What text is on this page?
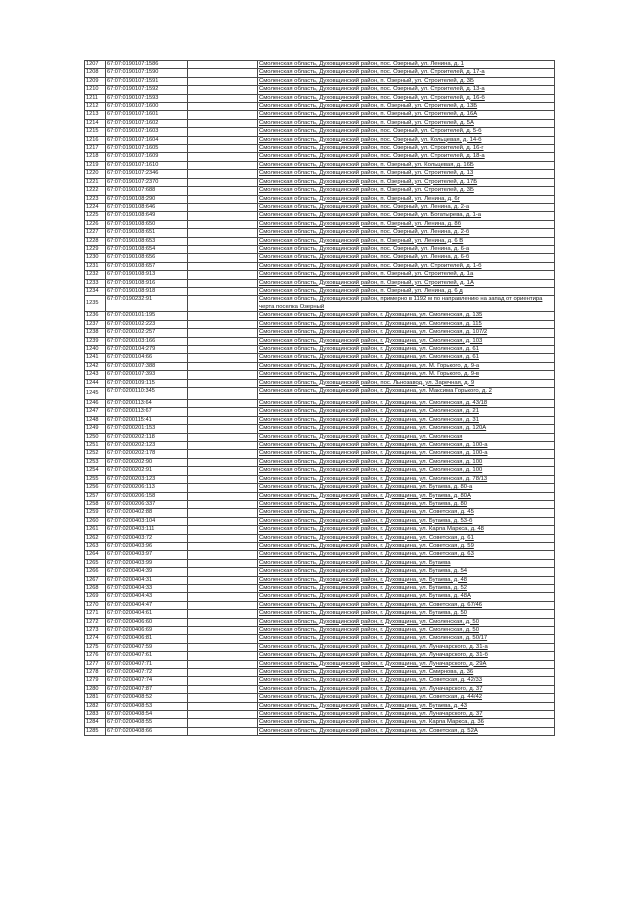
1207	67:07:0190107:1586		Смоленская область, Духовщинский район, пос. Озерный, ул. Ленина, д. 1
1208	67:07:0190107:1590		Смоленская область, Духовщинский район, пос. Озерный, ул. Строителей, д. 17-а
1209	67:07:0190107:1591		Смоленская область, Духовщинский район, п. Озерный, ул. Строителей, д. 3Б
1210	67:07:0190107:1592		Смоленская область, Духовщинский район, пос. Озерный, ул. Строителей, д. 13-а
1211	67:07:0190107:1593		Смоленская область, Духовщинский район, пос. Озерный, ул. Строителей, д. 16-б
1212	67:07:0190107:1600		Смоленская область, Духовщинский район, п. Озерный, ул. Строителей, д. 13Б
1213	67:07:0190107:1601		Смоленская область, Духовщинский район, п. Озерный, ул. Строителей, д. 16А
1214	67:07:0190107:1602		Смоленская область, Духовщинский район, п. Озерный, ул. Строителей, д. 5А
1215	67:07:0190107:1603		Смоленская область, Духовщинский район, пос. Озерный, ул. Строителей, д. 5-б
1216	67:07:0190107:1604		Смоленская область, Духовщинский район, пос. Озерный, ул. Кольцевая, д. 14-б
1217	67:07:0190107:1605		Смоленская область, Духовщинский район, пос. Озерный, ул. Строителей, д. 16-г
1218	67:07:0190107:1609		Смоленская область, Духовщинский район, пос. Озерный, ул. Строителей, д. 18-а
1219	67:07:0190107:1610		Смоленская область, Духовщинский район, п. Озерный, ул. Кольцевая, д. 16Б
1220	67:07:0190107:2346		Смоленская область, Духовщинский район, п. Озерный, ул. Строителей, д. 13
1221	67:07:0190107:2370		Смоленская область, Духовщинский район, п. Озерный, ул. Строителей, д. 17Б
1222	67:07:0190107:688		Смоленская область, Духовщинский район, п. Озерный, ул. Строителей, д. 3Б
1223	67:07:0190108:290		Смоленская область, Духовщинский район, п. Озерный, ул. Ленина, д. 6г
1224	67:07:0190108:646		Смоленская область, Духовщинский район, пос. Озерный, ул. Ленина, д. 2-а
1225	67:07:0190108:649		Смоленская область, Духовщинский район, пос. Озерный, ул. Богатырева, д. 1-а
1226	67:07:0190108:650		Смоленская область, Духовщинский район, п. Озерный, ул. Ленина, д. 8б
1227	67:07:0190108:651		Смоленская область, Духовщинский район, пос. Озерный, ул. Ленина, д. 2-б
1228	67:07:0190108:653		Смоленская область, Духовщинский район, п. Озерный, ул. Ленина, д. 6 В
1229	67:07:0190108:654		Смоленская область, Духовщинский район, пос. Озерный, ул. Ленина, д. 6-а
1230	67:07:0190108:656		Смоленская область, Духовщинский район, пос. Озерный, ул. Ленина, д. 6-б
1231	67:07:0190108:657		Смоленская область, Духовщинский район, пос. Озерный, ул. Строителей, д. 1-б
1232	67:07:0190108:913		Смоленская область, Духовщинский район, п. Озерный, ул. Строителей, д. 1а
1233	67:07:0190108:916		Смоленская область, Духовщинский район, п. Озерный, ул. Строителей, д. 1А
1234	67:07:0190108:918		Смоленская область, Духовщинский район, п. Озерный, ул. Ленина, д. 6 д
1235	67:07:0190232:91		Смоленская область, Духовщинский район, примерно в 1192 м по направлению на запад от ориентира черта поселка Озерный
1236	67:07:0200101:195		Смоленская область, Духовщинский район, г. Духовщина, ул. Смоленская, д. 135
1237	67:07:0200102:223		Смоленская область, Духовщинский район, г. Духовщина, ул. Смоленская, д. 115
1238	67:07:0200102:257		Смоленская область, Духовщинский район, г. Духовщина, ул. Смоленская, д. 107/2
1239	67:07:0200103:166		Смоленская область, Духовщинский район, г. Духовщина, ул. Смоленская, д. 103
1240	67:07:0200104:279		Смоленская область, Духовщинский район, г. Духовщина, ул. Смоленская, д. 61
1241	67:07:0200104:66		Смоленская область, Духовщинский район, г. Духовщина, ул. Смоленская, д. 61
1242	67:07:0200107:388		Смоленская область, Духовщинский район, г. Духовщина, ул. М. Горького, д. 9-а
1243	67:07:0200107:393		Смоленская область, Духовщинский район, г. Духовщина, ул. М. Горького, д. 9-в
1244	67:07:0200109:115		Смоленская область, Духовщинский район, пос. Льнозавод, ул. Заречная, д. 9
1245	67:07:0200110:345		Смоленская область, Духовщинский район, г. Духовщина, ул. Максима Горького, д. 2
1246	67:07:0200113:64		Смоленская область, Духовщинский район, г. Духовщина, ул. Смоленская, д. 43/18
1247	67:07:0200113:67		Смоленская область, Духовщинский район, г. Духовщина, ул. Смоленская, д. 21
1248	67:07:0200115:41		Смоленская область, Духовщинский район, г. Духовщина, ул. Смоленская, д. 31
1249	67:07:0200201:153		Смоленская область, Духовщинский район, г. Духовщина, ул. Смоленская, д. 120А
1250	67:07:0200202:118		Смоленская область, Духовщинский район, г. Духовщина, ул. Смоленская
1251	67:07:0200202:123		Смоленская область, Духовщинский район, г. Духовщина, ул. Смоленская, д. 100-а
1252	67:07:0200202:178		Смоленская область, Духовщинский район, г. Духовщина, ул. Смоленская, д. 100-а
1253	67:07:0200202:90		Смоленская область, Духовщинский район, г. Духовщина, ул. Смоленская, д. 100
1254	67:07:0200202:91		Смоленская область, Духовщинский район, г. Духовщина, ул. Смоленская, д. 100
1255	67:07:0200203:123		Смоленская область, Духовщинский район, г. Духовщина, ул. Смоленская, д. 78/13
1256	67:07:0200206:113		Смоленская область, Духовщинский район, г. Духовщина, ул. Бугаева, д. 80-а
1257	67:07:0200206:158		Смоленская область, Духовщинский район, г. Духовщина, ул. Бугаева, д. 80А
1258	67:07:0200206:337		Смоленская область, Духовщинский район, г. Духовщина, ул. Бугаева, д. 80
1259	67:07:0200402:88		Смоленская область, Духовщинский район, г. Духовщина, ул. Советская, д. 45
1260	67:07:0200403:104		Смоленская область, Духовщинский район, г. Духовщина, ул. Бугаева, д. 53-б
1261	67:07:0200403:111		Смоленская область, Духовщинский район, г. Духовщина, ул. Карла Маркса, д. 48
1262	67:07:0200403:72		Смоленская область, Духовщинский район, г. Духовщина, ул. Советская, д. 61
1263	67:07:0200403:96		Смоленская область, Духовщинский район, г. Духовщина, ул. Советская, д. 59
1264	67:07:0200403:97		Смоленская область, Духовщинский район, г. Духовщина, ул. Советская, д. 63
1265	67:07:0200403:99		Смоленская область, Духовщинский район, г. Духовщина, ул. Бугаева
1266	67:07:0200404:39		Смоленская область, Духовщинский район, г. Духовщина, ул. Бугаева, д. 54
1267	67:07:0200404:31		Смоленская область, Духовщинский район, г. Духовщина, ул. Бугаева, д. 48
1268	67:07:0200404:33		Смоленская область, Духовщинский район, г. Духовщина, ул. Бугаева, д. 52
1269	67:07:0200404:43		Смоленская область, Духовщинский район, г. Духовщина, ул. Бугаева, д. 48А
1270	67:07:0200404:47		Смоленская область, Духовщинский район, г. Духовщина, ул. Советская, д. 67/46
1271	67:07:0200404:61		Смоленская область, Духовщинский район, г. Духовщина, ул. Бугаева, д. 50
1272	67:07:0200406:60		Смоленская область, Духовщинский район, г. Духовщина, ул. Смоленская, д. 50
1273	67:07:0200406:69		Смоленская область, Духовщинский район, г. Духовщина, ул. Смоленская, д. 50
1274	67:07:0200406:81		Смоленская область, Духовщинский район, г. Духовщина, ул. Смоленская, д. 50/17
1275	67:07:0200407:59		Смоленская область, Духовщинский район, г. Духовщина, ул. Луначарского, д. 31-а
1276	67:07:0200407:61		Смоленская область, Духовщинский район, г. Духовщина, ул. Луначарского, д. 31-б
1277	67:07:0200407:71		Смоленская область, Духовщинский район, г. Духовщина, ул. Луначарского, д. 29А
1278	67:07:0200407:72		Смоленская область, Духовщинский район, г. Духовщина, ул. Смирнова, д. 36
1279	67:07:0200407:74		Смоленская область, Духовщинский район, г. Духовщина, ул. Советская, д. 42/33
1280	67:07:0200407:87		Смоленская область, Духовщинский район, г. Духовщина, ул. Луначарского, д. 37
1281	67:07:0200408:52		Смоленская область, Духовщинский район, г. Духовщина, ул. Советская, д. 44/42
1282	67:07:0200408:53		Смоленская область, Духовщинский район, г. Духовщина, ул. Бугаева, д. 43
1283	67:07:0200408:54		Смоленская область, Духовщинский район, г. Духовщина, ул. Луначарского, д. 37
1284	67:07:0200408:55		Смоленская область, Духовщинский район, г. Духовщина, ул. Карла Маркса, д. 36
1285	67:07:0200408:66		Смоленская область, Духовщинский район, г. Духовщина, ул. Советская, д. 52А
